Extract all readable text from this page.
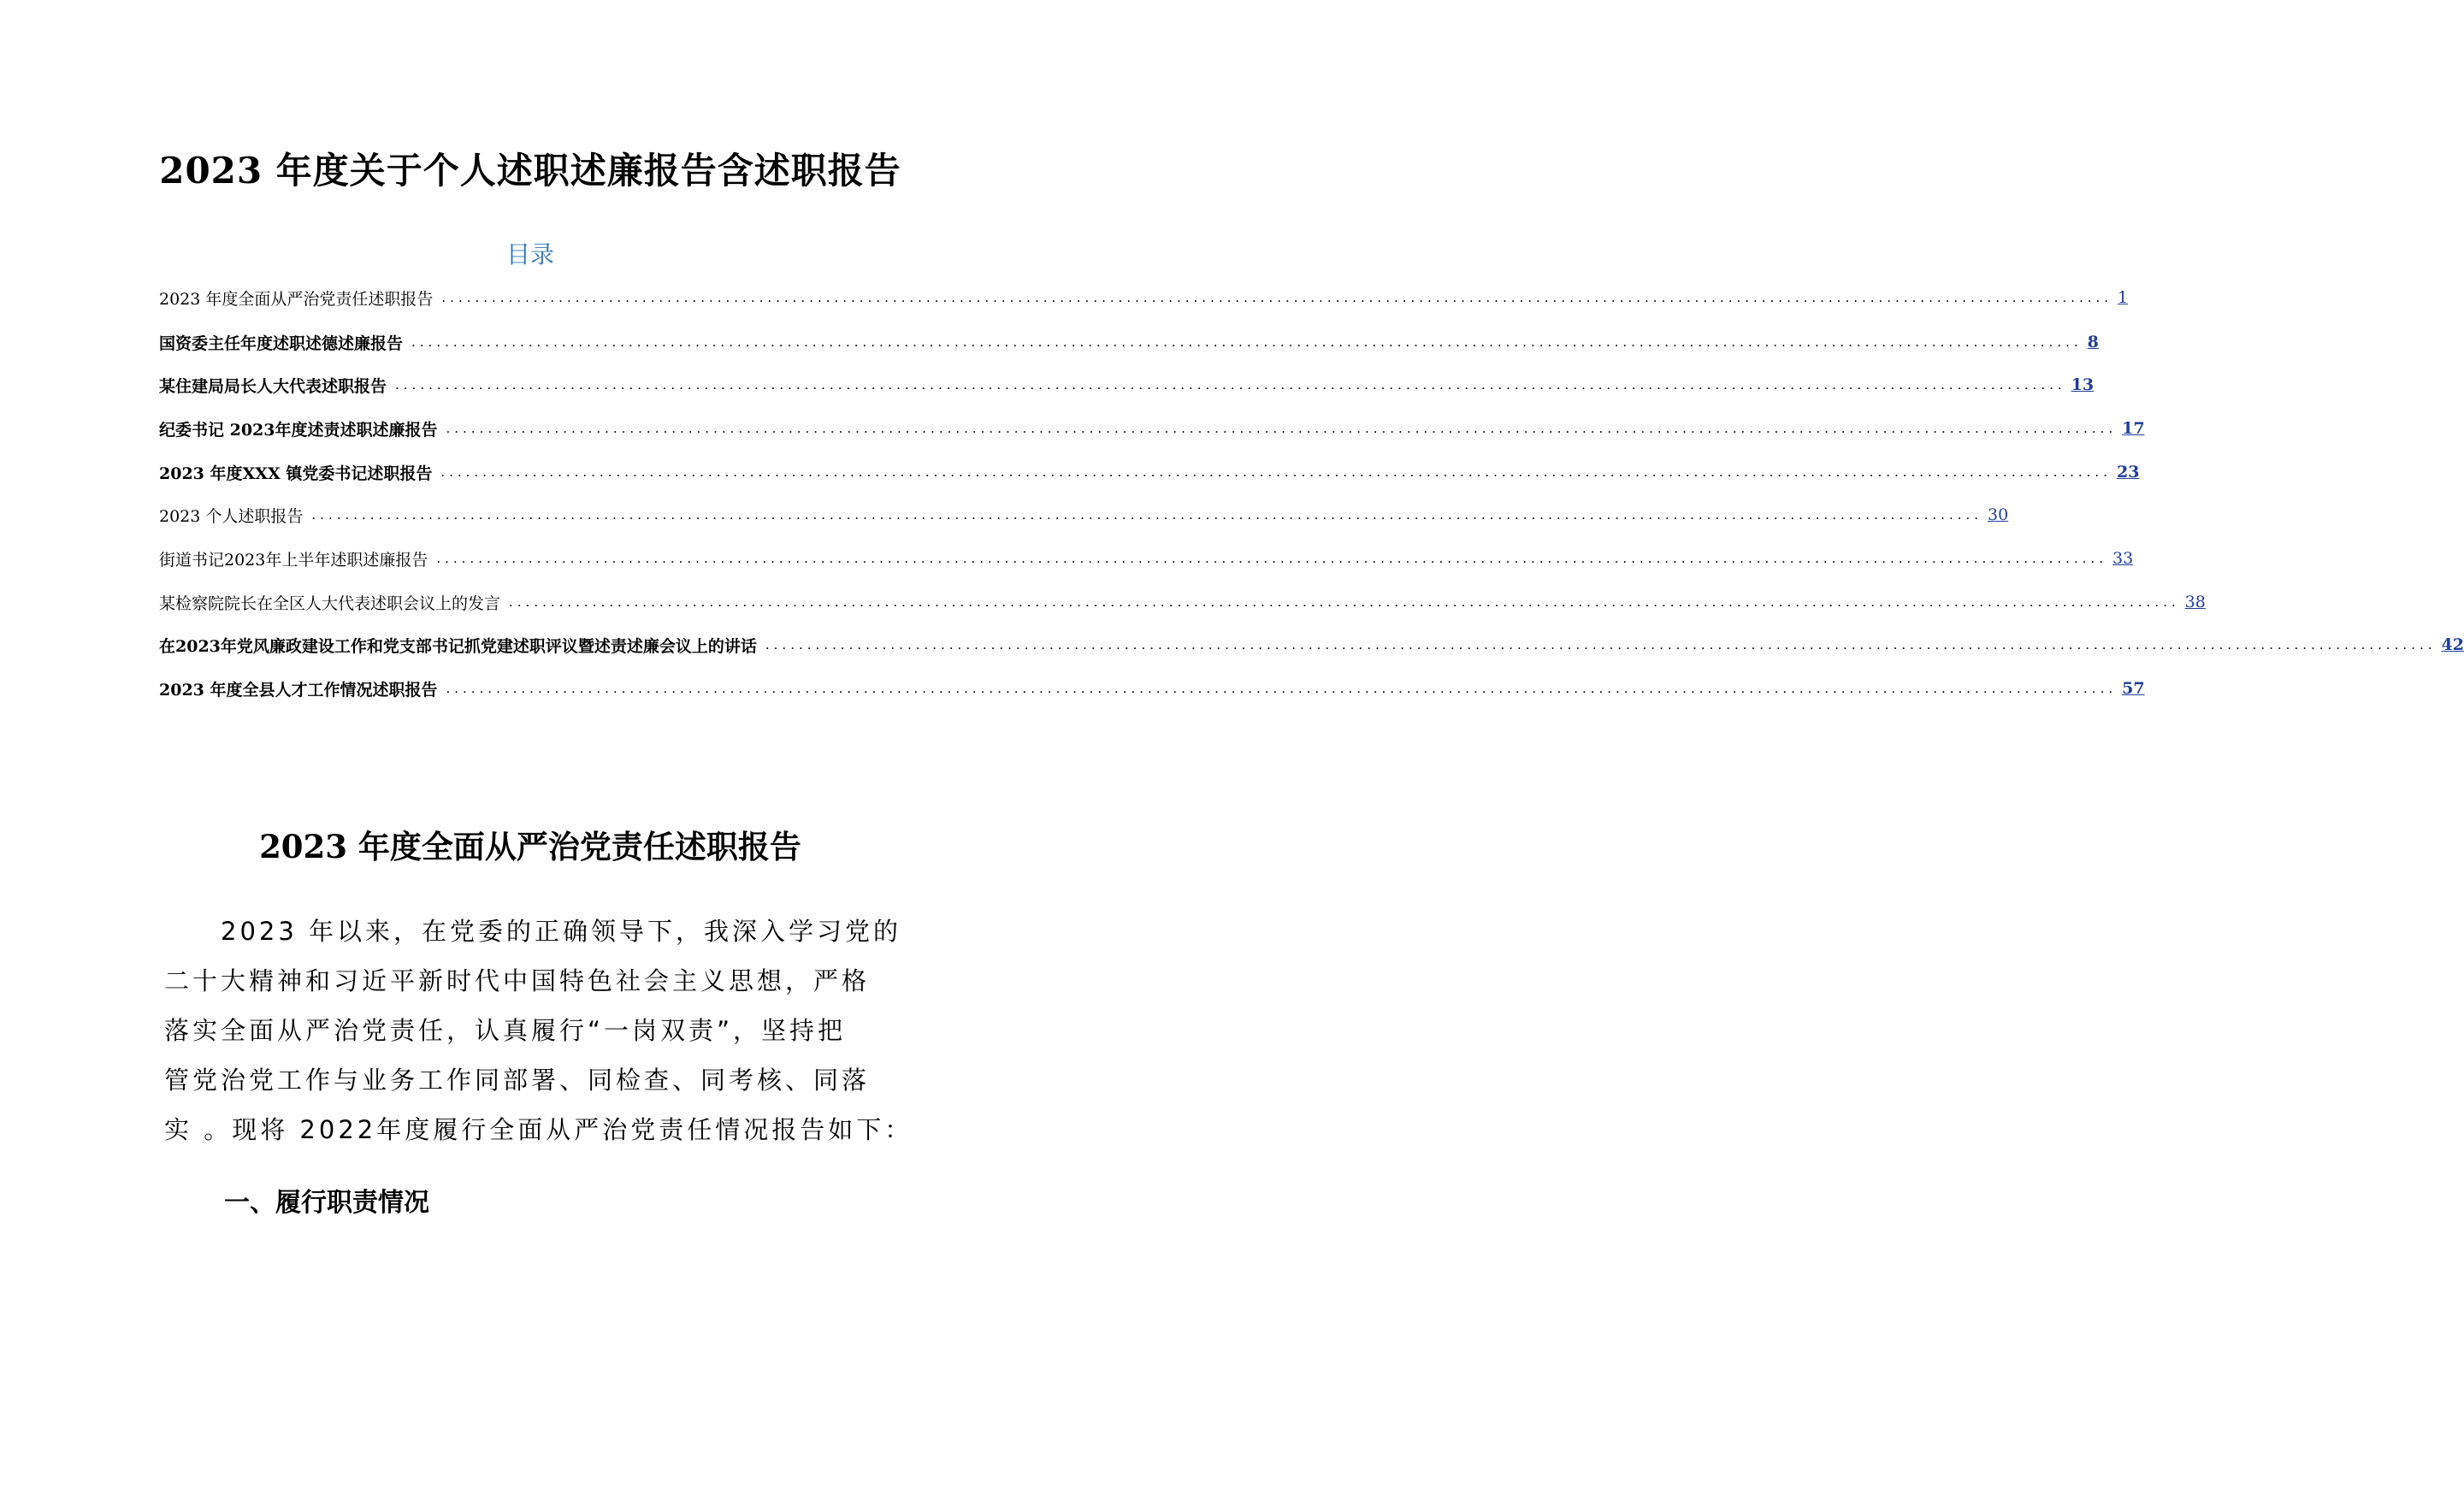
2023 年度关于个人述职述廉报告含述职报告
目录
2023 年度全面从严治党责任述职报告 ........................................................................................................................................................................................................ 1
国资委主任年度述职述德述廉报告 ........................................................................................................................................................................................................ 8
某住建局局长人大代表述职报告 ........................................................................................................................................................................................................ 13
纪委书记 2023年度述责述职述廉报告 ........................................................................................................................................................................................................ 17
2023 年度XXX 镇党委书记述职报告 ........................................................................................................................................................................................................ 23
2023 个人述职报告 ........................................................................................................................................................................................................ 30
街道书记2023年上半年述职述廉报告 ........................................................................................................................................................................................................ 33
某检察院院长在全区人大代表述职会议上的发言 ........................................................................................................................................................................................................ 38
在2023年党风廉政建设工作和党支部书记抓党建述职评议暨述责述廉会议上的讲话 ........................................................................................................................................................................................................ 42
2023 年度全县人才工作情况述职报告 ........................................................................................................................................................................................................ 57
2023 年度全面从严治党责任述职报告
　　2023 年以来，在党委的正确领导下，我深入学习党的
二十大精神和习近平新时代中国特色社会主义思想，严格
落实全面从严治党责任，认真履行“一岗双责”，坚持把
管党治党工作与业务工作同部署、同检查、同考核、同落
实 。现将 2022年度履行全面从严治党责任情况报告如下：
一、履行职责情况
